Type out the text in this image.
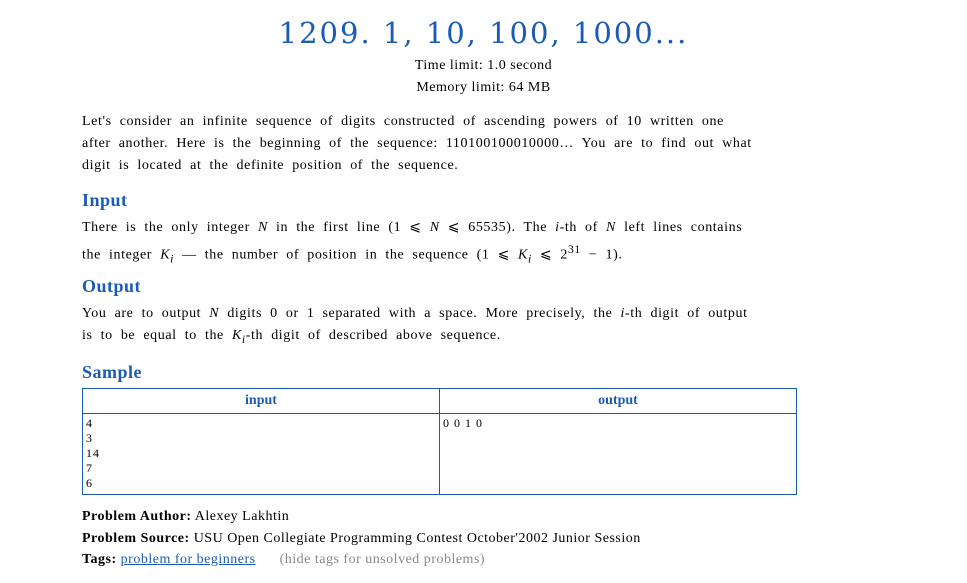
1209. 1, 10, 100, 1000...
Time limit: 1.0 second
Memory limit: 64 MB
Let's consider an infinite sequence of digits constructed of ascending powers of 10 written one
after another. Here is the beginning of the sequence: 110100100010000… You are to find out what
digit is located at the definite position of the sequence.
Input
There is the only integer N in the first line (1 ⩽ N ⩽ 65535). The i-th of N left lines contains
the integer $K_i$ — the number of position in the sequence (1 ⩽ $K_i$ ⩽ $2^{31} - 1$).
Output
You are to output N digits 0 or 1 separated with a space. More precisely, the i-th digit of output
is to be equal to the $K_i-th$ digit of described above sequence.
Sample
input	output
4
3
14
7
6	0 0 1 0
Problem Author: Alexey Lakhtin
Problem Source: USU Open Collegiate Programming Contest October'2002 Junior Session
Tags: problem for beginners (hide tags for unsolved problems)
